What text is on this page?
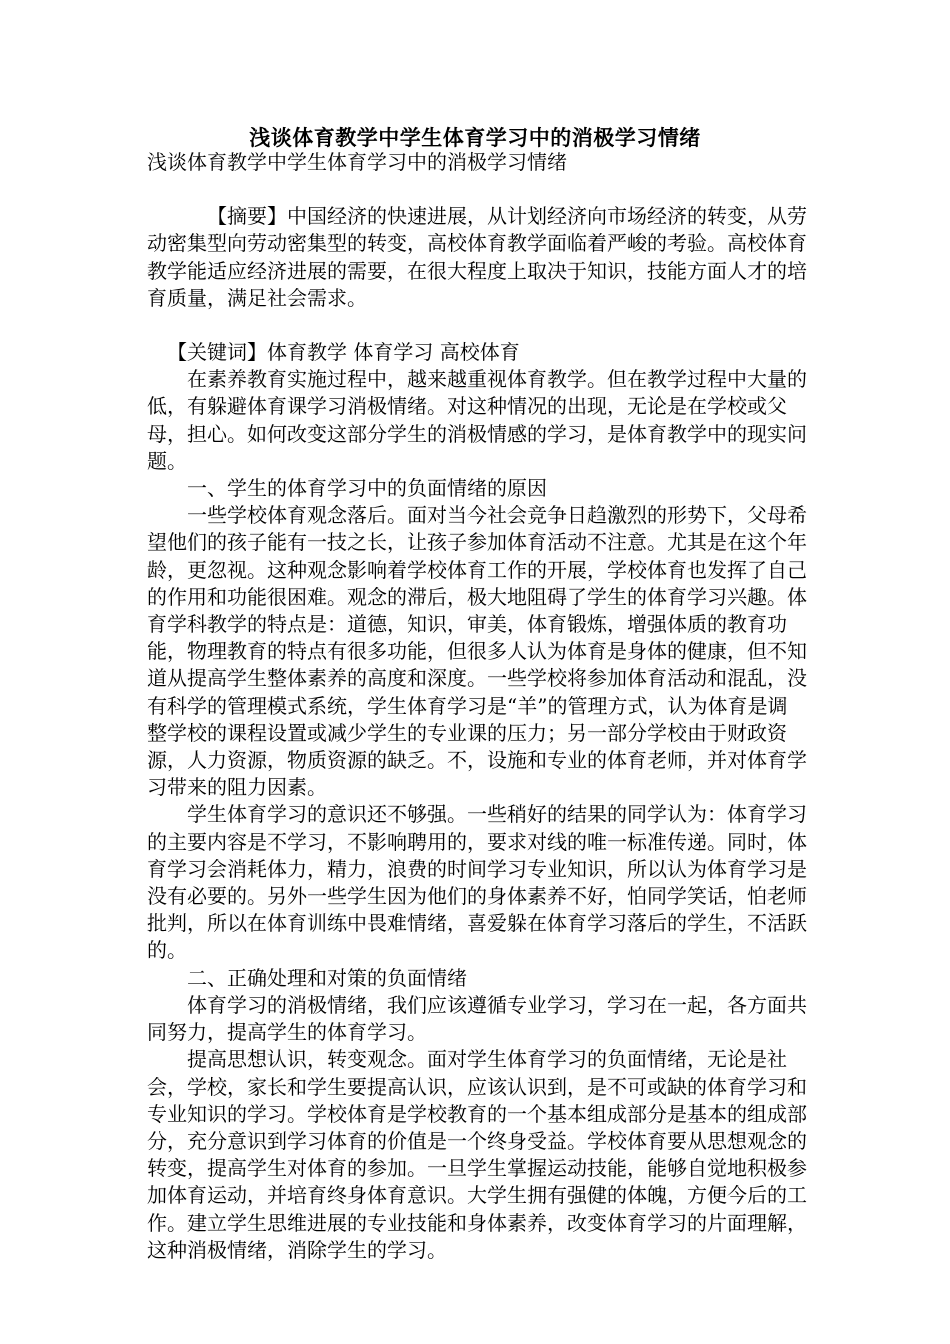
浅谈体育教学中学生体育学习中的消极学习情绪

浅谈体育教学中学生体育学习中的消极学习情绪

【摘要】中国经济的快速进展，从计划经济向市场经济的转变，从劳动密集型向劳动密集型的转变，高校体育教学面临着严峻的考验。高校体育教学能适应经济进展的需要，在很大程度上取决于知识，技能方面人才的培育质量，满足社会需求。

【关键词】体育教学 体育学习 高校体育

在素养教育实施过程中，越来越重视体育教学。但在教学过程中大量的低，有躲避体育课学习消极情绪。对这种情况的出现，无论是在学校或父母，担心。如何改变这部分学生的消极情感的学习，是体育教学中的现实问题。

一、学生的体育学习中的负面情绪的原因

一些学校体育观念落后。面对当今社会竞争日趋激烈的形势下，父母希望他们的孩子能有一技之长，让孩子参加体育活动不注意。尤其是在这个年龄，更忽视。这种观念影响着学校体育工作的开展，学校体育也发挥了自己的作用和功能很困难。观念的滞后，极大地阻碍了学生的体育学习兴趣。体育学科教学的特点是：道德，知识，审美，体育锻炼，增强体质的教育功能，物理教育的特点有很多功能，但很多人认为体育是身体的健康，但不知道从提高学生整体素养的高度和深度。一些学校将参加体育活动和混乱，没有科学的管理模式系统，学生体育学习是“羊”的管理方式，认为体育是调整学校的课程设置或减少学生的专业课的压力；另一部分学校由于财政资源，人力资源，物质资源的缺乏。不，设施和专业的体育老师，并对体育学习带来的阻力因素。

学生体育学习的意识还不够强。一些稍好的结果的同学认为：体育学习的主要内容是不学习，不影响聘用的，要求对线的唯一标准传递。同时，体育学习会消耗体力，精力，浪费的时间学习专业知识，所以认为体育学习是没有必要的。另外一些学生因为他们的身体素养不好，怕同学笑话，怕老师批判，所以在体育训练中畏难情绪，喜爱躲在体育学习落后的学生，不活跃的。

二、正确处理和对策的负面情绪

体育学习的消极情绪，我们应该遵循专业学习，学习在一起，各方面共同努力，提高学生的体育学习。

提高思想认识，转变观念。面对学生体育学习的负面情绪，无论是社会，学校，家长和学生要提高认识，应该认识到，是不可或缺的体育学习和专业知识的学习。学校体育是学校教育的一个基本组成部分是基本的组成部分，充分意识到学习体育的价值是一个终身受益。学校体育要从思想观念的转变，提高学生对体育的参加。一旦学生掌握运动技能，能够自觉地积极参加体育运动，并培育终身体育意识。大学生拥有强健的体魄，方便今后的工作。建立学生思维进展的专业技能和身体素养，改变体育学习的片面理解，这种消极情绪，消除学生的学习。
